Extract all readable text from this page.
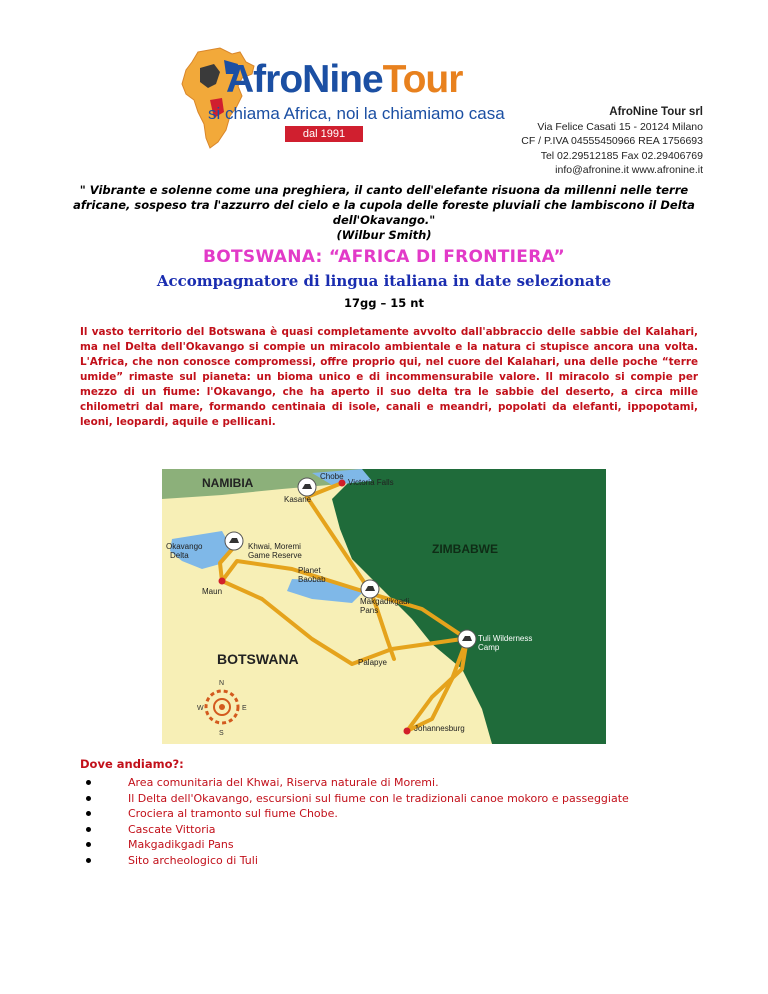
AfroNineTour
si chiama Africa, noi la chiamiamo casa
dal 1991
AfroNine Tour srl
Via Felice Casati 15 - 20124 Milano
CF / P.IVA 04555450966 REA 1756693
Tel 02.29512185 Fax 02.29406769
info@afronine.it www.afronine.it
" Vibrante e solenne come una preghiera, il canto dell'elefante risuona da millenni nelle terre africane, sospeso tra l'azzurro del cielo e la cupola delle foreste pluviali che lambiscono il Delta dell'Okavango."
(Wilbur Smith)
BOTSWANA: “AFRICA DI FRONTIERA”
Accompagnatore di lingua italiana in date selezionate
17gg – 15 nt
Il vasto territorio del Botswana è quasi completamente avvolto dall'abbraccio delle sabbie del Kalahari, ma nel Delta dell'Okavango si compie un miracolo ambientale e la natura ci stupisce ancora una volta. L'Africa, che non conosce compromessi, offre proprio qui, nel cuore del Kalahari, una delle poche “terre umide” rimaste sul pianeta: un bioma unico e di incommensurabile valore. Il miracolo si compie per mezzo di un fiume: l'Okavango, che ha aperto il suo delta tra le sabbie del deserto, a circa mille chilometri dal mare, formando centinaia di isole, canali e meandri, popolati da elefanti, ippopotami, leoni, leopardi, aquile e pellicani.
NAMIBIA	Chobe
Victoria Falls
Kasane
Okavango
Delta
Khwai, Moremi
Game Reserve	ZIMBABWE
Planet
Baobab
Maun
Makgadikgadi
Pans
Tuli Wilderness
Camp
BOTSWANA	Palapye
Johannesburg
N
E
S
W
Dove andiamo?:
Area comunitaria del Khwai, Riserva naturale di Moremi.
Il Delta dell'Okavango, escursioni sul fiume con le tradizionali canoe mokoro e passeggiate
Crociera al tramonto sul fiume Chobe.
Cascate Vittoria
Makgadikgadi Pans
Sito archeologico di Tuli
